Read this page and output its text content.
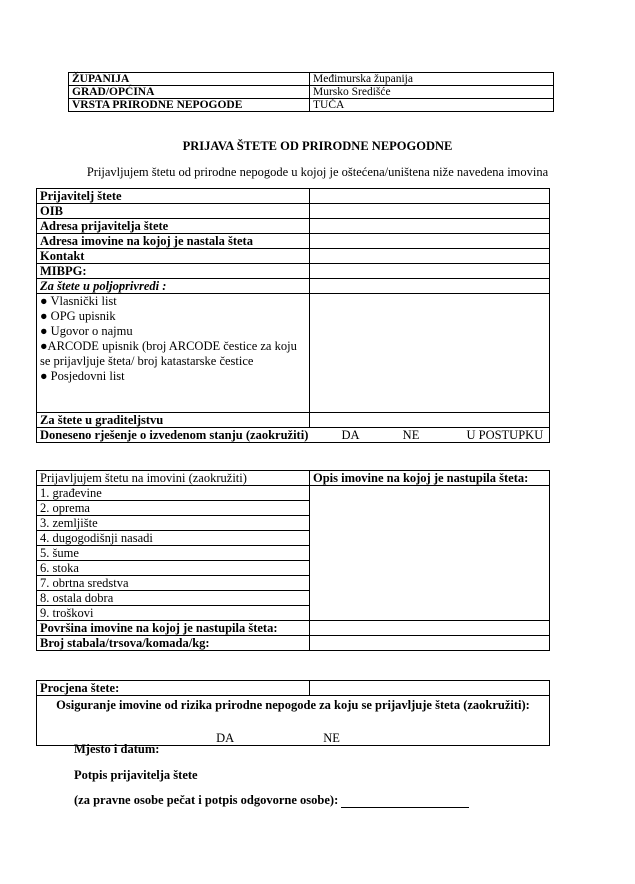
ŽUPANIJA	Međimurska županija
GRAD/OPĆINA	Mursko Središće
VRSTA PRIRODNE NEPOGODE	TUČA
PRIJAVA ŠTETE OD PRIRODNE NEPOGODNE
Prijavljujem štetu od prirodne nepogode u kojoj je oštećena/uništena niže navedena imovina
Prijavitelj štete	
OIB	
Adresa prijavitelja štete	
Adresa imovine na kojoj je nastala šteta	
Kontakt	
MIBPG:	
Za štete u poljoprivredi :	

● Vlasnički list
● OPG upisnik
● Ugovor o najmu
●ARCODE upisnik (broj ARCODE čestice za koju se prijavljuje šteta/ broj katastarske čestice
● Posjedovni list	

Za štete u graditeljstvu	
Doneseno rješenje o izvedenom stanju (zaokružiti) DA NE U POSTUPKU	
Prijavljujem štetu na imovini (zaokružiti)	Opis imovine na kojoj je nastupila šteta:
1. građevine	
2. oprema	
3. zemljište	
4. dugogodišnji nasadi	
5. šume	
6. stoka	
7. obrtna sredstva	
8. ostala dobra	
9. troškovi	
Površina imovine na kojoj je nastupila šteta:	
Broj stabala/trsova/komada/kg:	
Procjena štete:	

Osiguranje imovine od rizika prirodne nepogode za koju se prijavljuje šteta (zaokružiti):
DA	NE
Mjesto i datum:
Potpis prijavitelja štete
(za pravne osobe pečat i potpis odgovorne osobe):
